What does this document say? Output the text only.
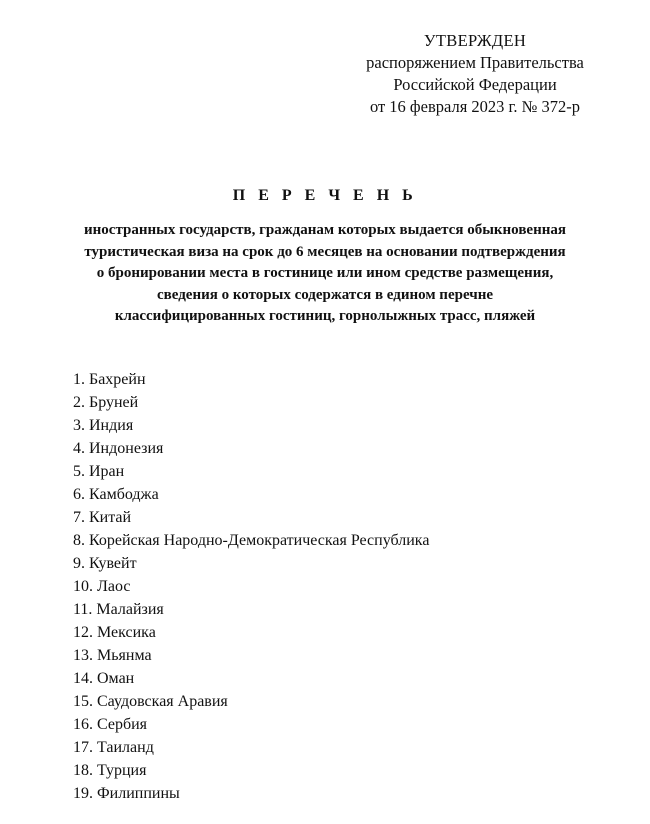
УТВЕРЖДЕН
распоряжением Правительства
Российской Федерации
от 16 февраля 2023 г. № 372-р
П Е Р Е Ч Е Н Ь
иностранных государств, гражданам которых выдается обыкновенная
туристическая виза на срок до 6 месяцев на основании подтверждения
о бронировании места в гостинице или ином средстве размещения,
сведения о которых содержатся в едином перечне
классифицированных гостиниц, горнолыжных трасс, пляжей
1. Бахрейн
2. Бруней
3. Индия
4. Индонезия
5. Иран
6. Камбоджа
7. Китай
8. Корейская Народно-Демократическая Республика
9. Кувейт
10. Лаос
11. Малайзия
12. Мексика
13. Мьянма
14. Оман
15. Саудовская Аравия
16. Сербия
17. Таиланд
18. Турция
19. Филиппины
